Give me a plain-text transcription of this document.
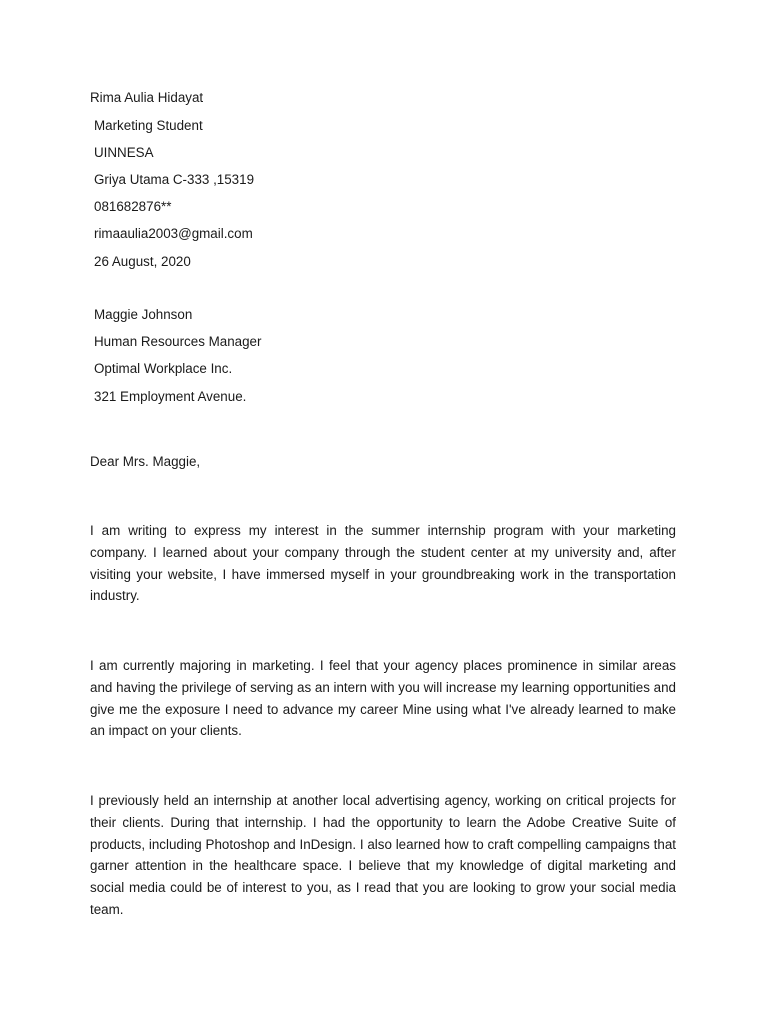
Rima Aulia Hidayat
Marketing Student
UINNESA
Griya Utama C-333 ,15319
081682876**
rimaaulia2003@gmail.com
26 August, 2020
Maggie Johnson
Human Resources Manager
Optimal Workplace Inc.
321 Employment Avenue.
Dear Mrs. Maggie,
I am writing to express my interest in the summer internship program with your marketing company. I learned about your company through the student center at my university and, after visiting your website, I have immersed myself in your groundbreaking work in the transportation industry.
I am currently majoring in marketing. I feel that your agency places prominence in similar areas and having the privilege of serving as an intern with you will increase my learning opportunities and give me the exposure I need to advance my career Mine using what I've already learned to make an impact on your clients.
I previously held an internship at another local advertising agency, working on critical projects for their clients. During that internship. I had the opportunity to learn the Adobe Creative Suite of products, including Photoshop and InDesign. I also learned how to craft compelling campaigns that garner attention in the healthcare space. I believe that my knowledge of digital marketing and social media could be of interest to you, as I read that you are looking to grow your social media team.
